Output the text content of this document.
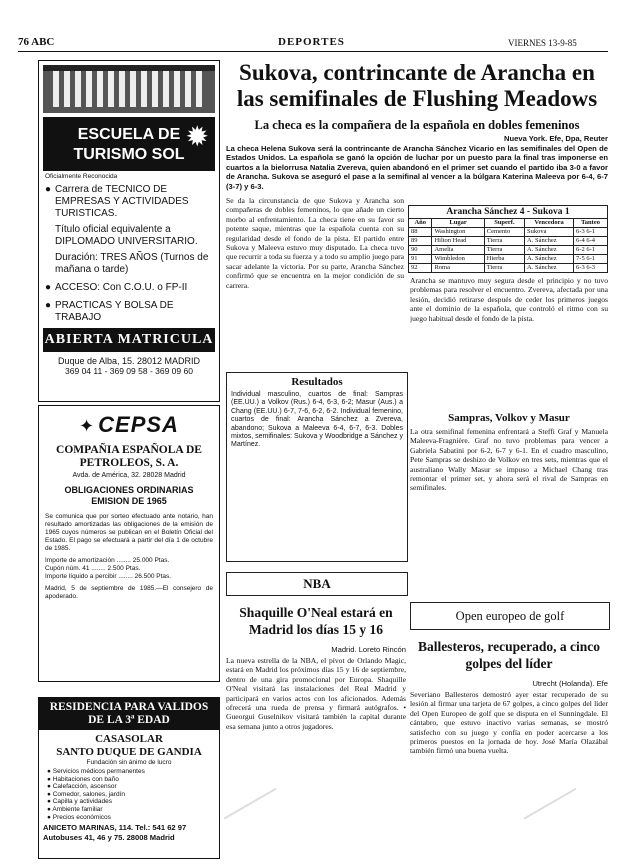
76 ABC	DEPORTES	VIERNES 13-9-85
ESCUELA DE
TURISMO SOL
✹
Oficialmente Reconocida
● Carrera de TECNICO DE EMPRESAS Y ACTIVIDADES TURISTICAS.
Título oficial equivalente a DIPLOMADO UNIVERSITARIO.
Duración: TRES AÑOS (Turnos de mañana o tarde)
● ACCESO: Con C.O.U. o FP-II
● PRACTICAS Y BOLSA DE TRABAJO
ABIERTA MATRICULA
Duque de Alba, 15. 28012 MADRID
369 04 11 - 369 09 58 - 369 09 60
✦ CEPSA
COMPAÑIA ESPAÑOLA DE PETROLEOS, S. A.
Avda. de América, 32. 28028 Madrid
OBLIGACIONES ORDINARIAS EMISION DE 1965
Se comunica que por sorteo efectuado ante notario, han resultado amortizadas las obligaciones de la emisión de 1965 cuyos números se publican en el Boletín Oficial del Estado. El pago se efectuará a partir del día 1 de octubre de 1985.
Importe de amortización ........ 25.000 Ptas.
Cupón núm. 41 ........ 2.500 Ptas.
Importe líquido a percibir ........ 26.500 Ptas.
Madrid, 5 de septiembre de 1985.—El consejero de apoderado.
RESIDENCIA PARA VALIDOS
DE LA 3ª EDAD
CASASOLAR
SANTO DUQUE DE GANDIA
Fundación sin ánimo de lucro
● Servicios médicos permanentes
● Habitaciones con baño
● Calefacción, ascensor
● Comedor, salones, jardín
● Capilla y actividades
● Ambiente familiar
● Precios económicos
ANICETO MARINAS, 114. Tel.: 541 62 97
Autobuses 41, 46 y 75. 28008 Madrid
Sukova, contrincante de Arancha en las semifinales de Flushing Meadows
La checa es la compañera de la española en dobles femeninos
Nueva York. Efe, Dpa, Reuter
La checa Helena Sukova será la contrincante de Arancha Sánchez Vicario en las semifinales del Open de Estados Unidos. La española se ganó la opción de luchar por un puesto para la final tras imponerse en cuartos a la bielorrusa Natalia Zvereva, quien abandonó en el primer set cuando el partido iba 3-0 a favor de Arancha. Sukova se aseguró el pase a la semifinal al vencer a la búlgara Katerina Maleeva por 6-4, 6-7 (3-7) y 6-3.
Se da la circunstancia de que Sukova y Arancha son compañeras de dobles femeninos, lo que añade un cierto morbo al enfrentamiento. La checa tiene en su favor su potente saque, mientras que la española cuenta con su regularidad desde el fondo de la pista. El partido entre Sukova y Maleeva estuvo muy disputado. La checa tuvo que recurrir a toda su fuerza y a todo su amplio juego para sacar adelante la victoria. Por su parte, Arancha Sánchez confirmó que se encuentra en la mejor condición de su carrera.
Arancha Sánchez 4 - Sukova 1
Año	Lugar	Superf.	Vencedora	Tanteo
88	Washington	Cemento	Sukova	6-3 6-1
89	Hilton Head	Tierra	A. Sánchez	6-4 6-4
90	Amelia	Tierra	A. Sánchez	6-2 6-1
91	Wimbledon	Hierba	A. Sánchez	7-5 6-1
92	Roma	Tierra	A. Sánchez	6-3 6-3
Arancha se mantuvo muy segura desde el principio y no tuvo problemas para resolver el encuentro. Zvereva, afectada por una lesión, decidió retirarse después de ceder los primeros juegos ante el dominio de la española, que controló el ritmo con su juego habitual desde el fondo de la pista.
Resultados
Individual masculino, cuartos de final: Sampras (EE.UU.) a Volkov (Rus.) 6-4, 6-3, 6-2; Masur (Aus.) a Chang (EE.UU.) 6-7, 7-6, 6-2, 6-2. Individual femenino, cuartos de final: Arancha Sánchez a Zvereva, abandono; Sukova a Maleeva 6-4, 6-7, 6-3. Dobles mixtos, semifinales: Sukova y Woodbridge a Sánchez y Martínez.
Sampras, Volkov y Masur
La otra semifinal femenina enfrentará a Steffi Graf y Manuela Maleeva-Fragnière. Graf no tuvo problemas para vencer a Gabriela Sabatini por 6-2, 6-7 y 6-1. En el cuadro masculino, Pete Sampras se deshizo de Volkov en tres sets, mientras que el australiano Wally Masur se impuso a Michael Chang tras remontar el primer set, y ahora será el rival de Sampras en semifinales.
NBA
Shaquille O'Neal estará en Madrid los días 15 y 16
Madrid. Loreto Rincón
La nueva estrella de la NBA, el pívot de Orlando Magic, estará en Madrid los próximos días 15 y 16 de septiembre, dentro de una gira promocional por Europa. Shaquille O'Neal visitará las instalaciones del Real Madrid y participará en varios actos con los aficionados. Además ofrecerá una rueda de prensa y firmará autógrafos. • Gueorgui Guselnikov visitará también la capital durante esa semana junto a otros jugadores.
Open europeo de golf
Ballesteros, recuperado, a cinco golpes del líder
Utrecht (Holanda). Efe
Severiano Ballesteros demostró ayer estar recuperado de su lesión al firmar una tarjeta de 67 golpes, a cinco golpes del líder del Open Europeo de golf que se disputa en el Sunningdale. El cántabro, que estuvo inactivo varias semanas, se mostró satisfecho con su juego y confía en poder acercarse a los primeros puestos en la jornada de hoy. José María Olazábal también firmó una buena vuelta.
